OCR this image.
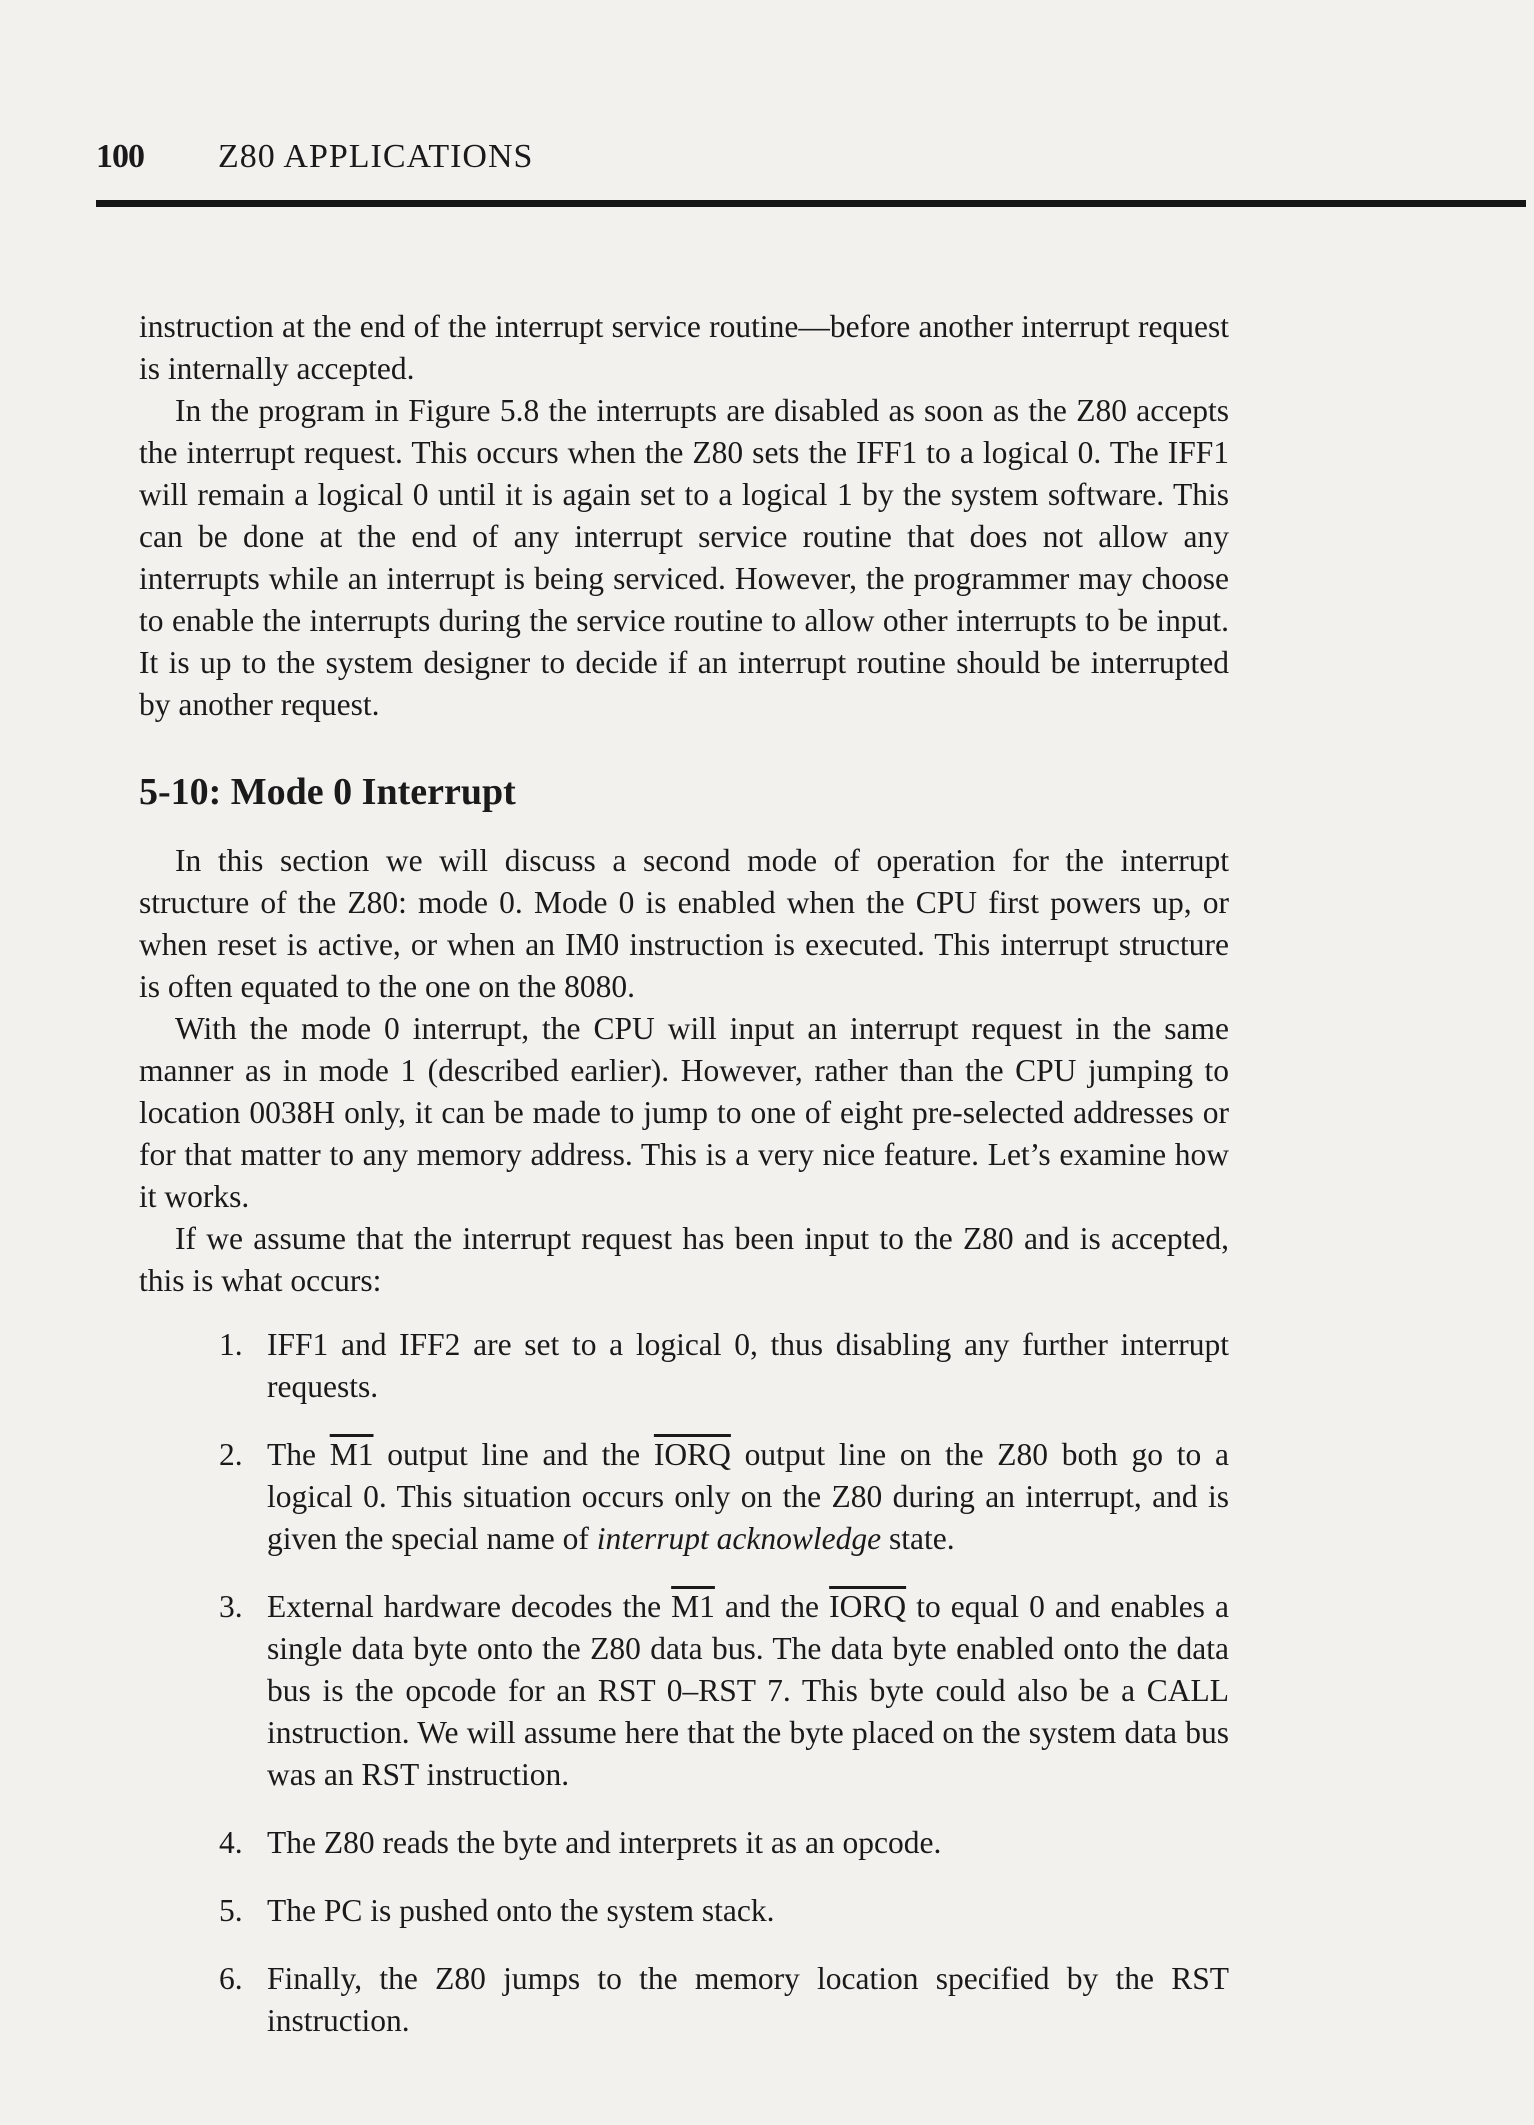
100 Z80 APPLICATIONS

instruction at the end of the interrupt service routine—before another interrupt request is internally accepted.

In the program in Figure 5.8 the interrupts are disabled as soon as the Z80 accepts the interrupt request. This occurs when the Z80 sets the IFF1 to a logical 0. The IFF1 will remain a logical 0 until it is again set to a logical 1 by the system software. This can be done at the end of any interrupt service routine that does not allow any interrupts while an interrupt is being serviced. However, the programmer may choose to enable the interrupts during the service routine to allow other interrupts to be input. It is up to the system designer to decide if an interrupt routine should be interrupted by another request.

5-10: Mode 0 Interrupt

In this section we will discuss a second mode of operation for the interrupt structure of the Z80: mode 0. Mode 0 is enabled when the CPU first powers up, or when reset is active, or when an IM0 instruction is executed. This interrupt structure is often equated to the one on the 8080.

With the mode 0 interrupt, the CPU will input an interrupt request in the same manner as in mode 1 (described earlier). However, rather than the CPU jumping to location 0038H only, it can be made to jump to one of eight pre-selected addresses or for that matter to any memory address. This is a very nice feature. Let’s examine how it works.

If we assume that the interrupt request has been input to the Z80 and is accepted, this is what occurs:

1. IFF1 and IFF2 are set to a logical 0, thus disabling any further interrupt requests.
2. The M1 output line and the IORQ output line on the Z80 both go to a logical 0. This situation occurs only on the Z80 during an interrupt, and is given the special name of interrupt acknowledge state.
3. External hardware decodes the M1 and the IORQ to equal 0 and enables a single data byte onto the Z80 data bus. The data byte enabled onto the data bus is the opcode for an RST 0–RST 7. This byte could also be a CALL instruction. We will assume here that the byte placed on the system data bus was an RST instruction.
4. The Z80 reads the byte and interprets it as an opcode.
5. The PC is pushed onto the system stack.
6. Finally, the Z80 jumps to the memory location specified by the RST instruction.
